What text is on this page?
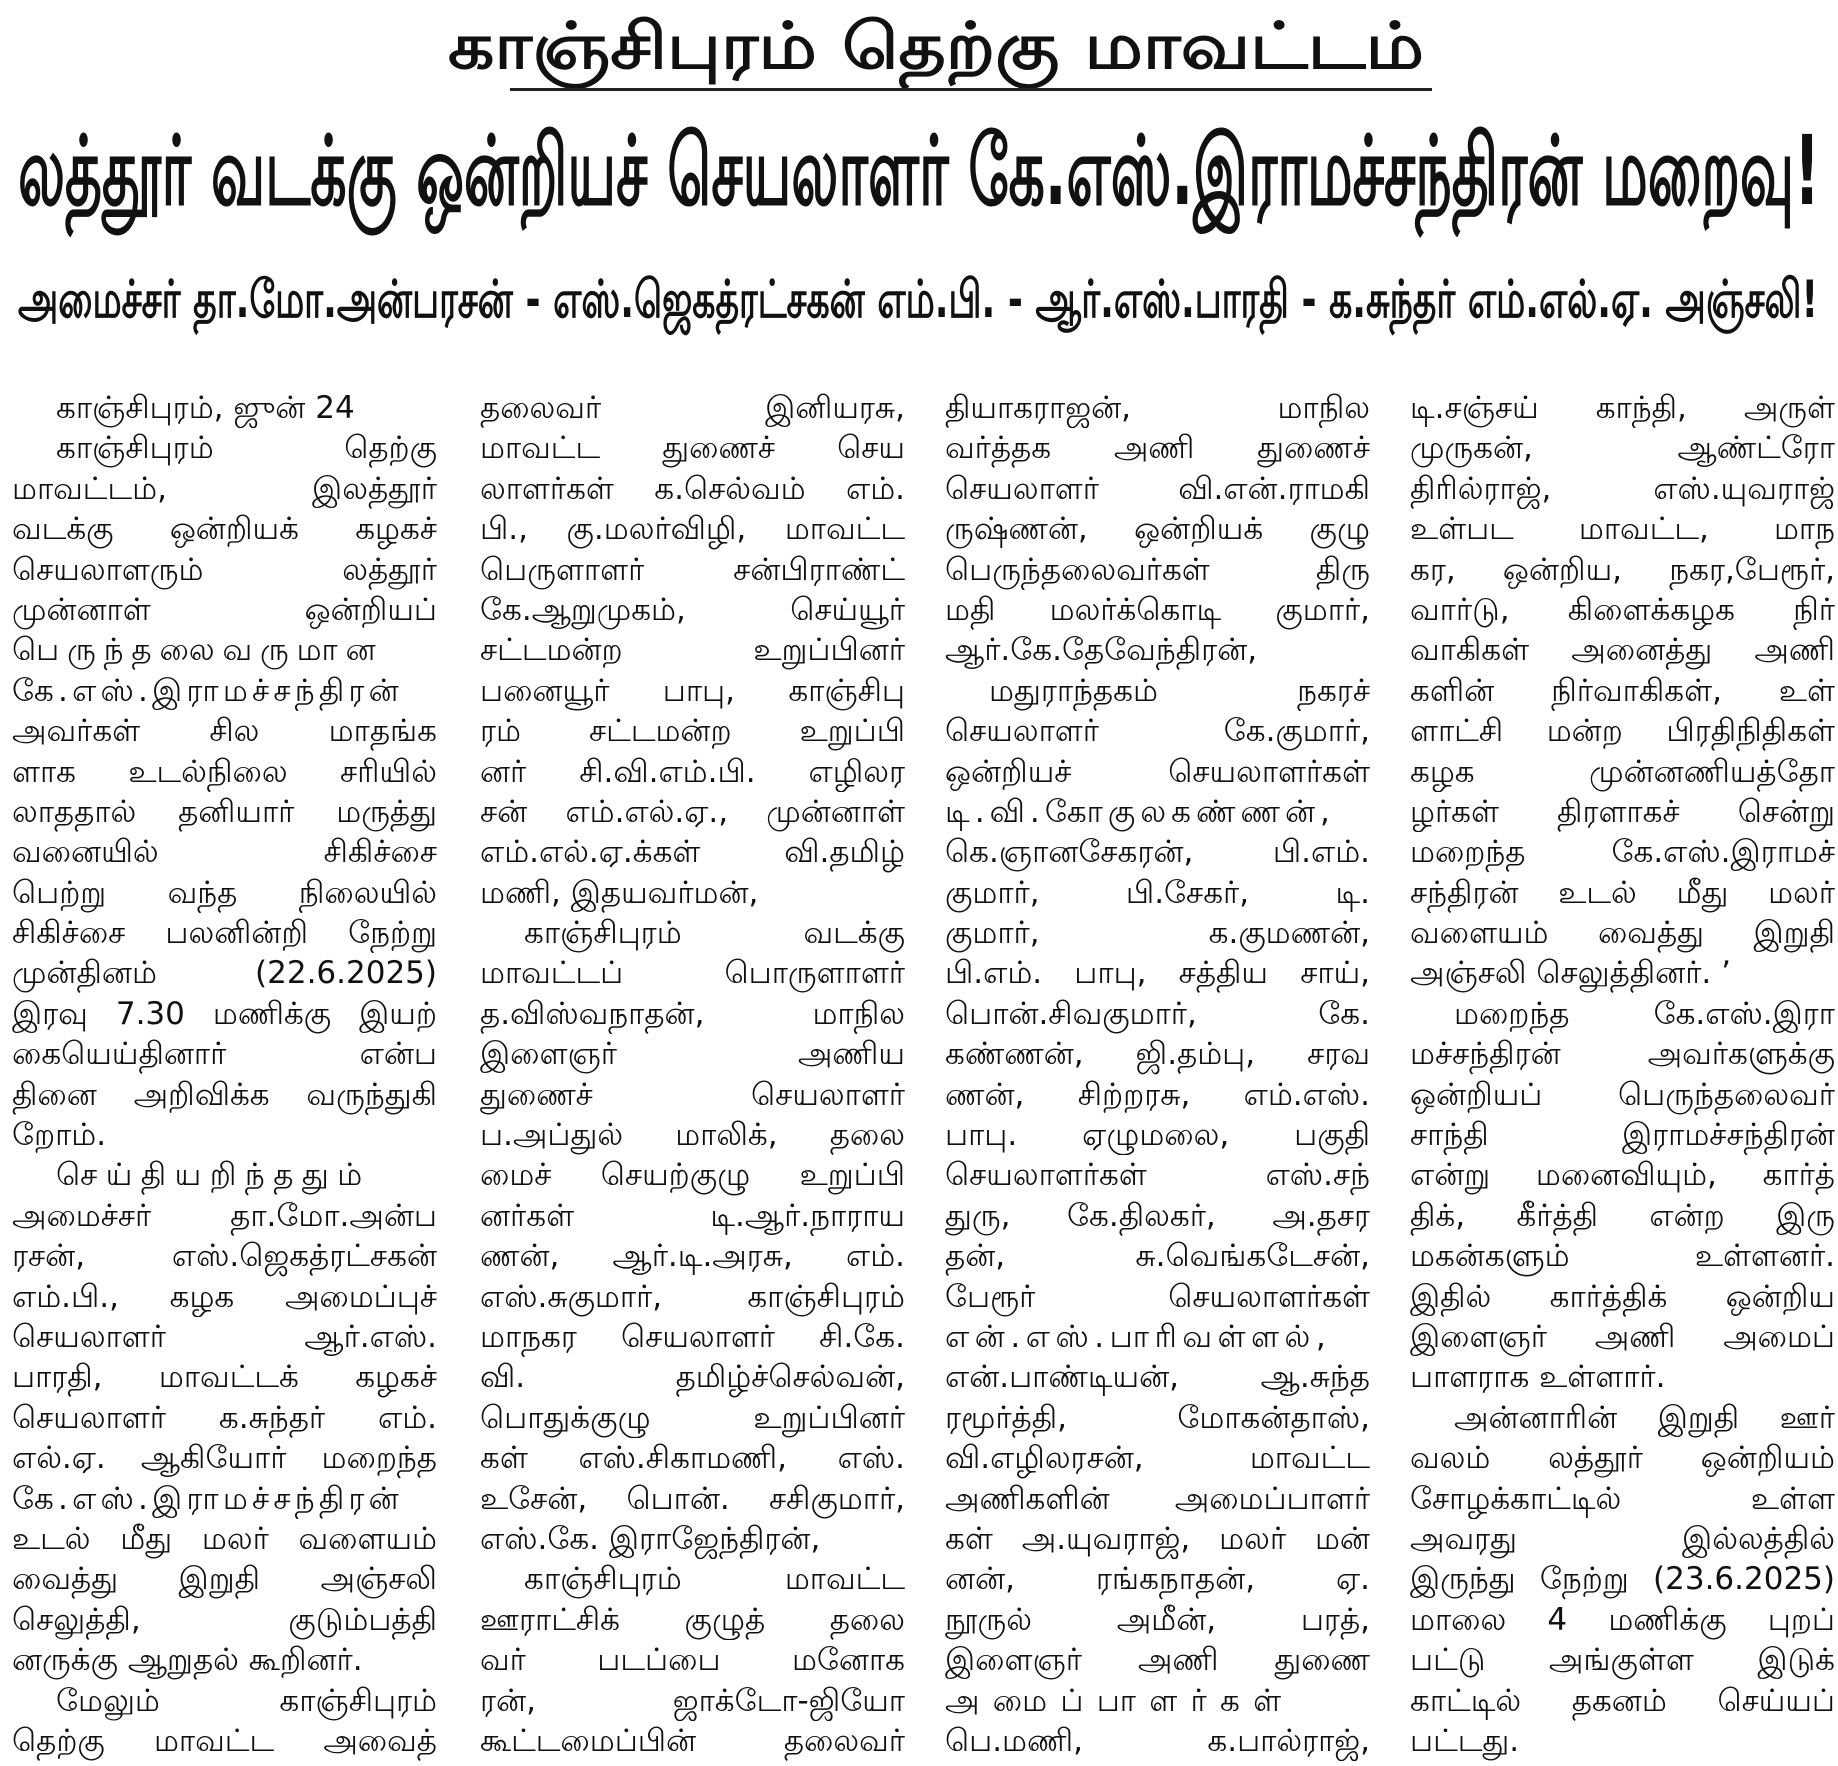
காஞ்சிபுரம் தெற்கு மாவட்டம்
லத்தூர் வடக்கு ஒன்றியச் செயலாளர் கே.எஸ்.இராமச்சந்திரன் மறைவு!
அமைச்சர் தா.மோ.அன்பரசன் - எஸ்.ஜெகத்ரட்சகன் எம்.பி. - ஆர்.எஸ்.பாரதி - க.சுந்தர் எம்.எல்.ஏ. அஞ்சலி!
காஞ்சிபுரம், ஜுன் 24
காஞ்சிபுரம் தெற்கு
மாவட்டம், இலத்தூர்
வடக்கு ஒன்றியக் கழகச்
செயலாளரும் லத்தூர்
முன்னாள் ஒன்றியப்
பெருந்தலைவருமான
கே.எஸ்.இராமச்சந்திரன்
அவர்கள் சில மாதங்க
ளாக உடல்நிலை சரியில்
லாததால் தனியார் மருத்து
வனையில் சிகிச்சை
பெற்று வந்த நிலையில்
சிகிச்சை பலனின்றி நேற்று
முன்தினம் (22.6.2025)
இரவு 7.30 மணிக்கு இயற்
கையெய்தினார் என்ப
தினை அறிவிக்க வருந்துகி
றோம்.
செய்தியறிந்ததும்
அமைச்சர் தா.மோ.அன்ப
ரசன், எஸ்.ஜெகத்ரட்சகன்
எம்.பி., கழக அமைப்புச்
செயலாளர் ஆர்.எஸ்.
பாரதி, மாவட்டக் கழகச்
செயலாளர் க.சுந்தர் எம்.
எல்.ஏ. ஆகியோர் மறைந்த
கே.எஸ்.இராமச்சந்திரன்
உடல் மீது மலர் வளையம்
வைத்து இறுதி அஞ்சலி
செலுத்தி, குடும்பத்தி
னருக்கு ஆறுதல் கூறினர்.
மேலும் காஞ்சிபுரம்
தெற்கு மாவட்ட அவைத்
தலைவர் இனியரசு,
மாவட்ட துணைச் செய
லாளர்கள் க.செல்வம் எம்.
பி., கு.மலர்விழி, மாவட்ட
பெருளாளர் சன்பிராண்ட்
கே.ஆறுமுகம், செய்யூர்
சட்டமன்ற உறுப்பினர்
பனையூர் பாபு, காஞ்சிபு
ரம் சட்டமன்ற உறுப்பி
னர் சி.வி.எம்.பி. எழிலர
சன் எம்.எல்.ஏ., முன்னாள்
எம்.எல்.ஏ.க்கள் வி.தமிழ்
மணி, இதயவர்மன்,
காஞ்சிபுரம் வடக்கு
மாவட்டப் பொருளாளர்
த.விஸ்வநாதன், மாநில
இளைஞர் அணிய
துணைச் செயலாளர்
ப.அப்துல் மாலிக், தலை
மைச் செயற்குழு உறுப்பி
னர்கள் டி.ஆர்.நாராய
ணன், ஆர்.டி.அரசு, எம்.
எஸ்.சுகுமார், காஞ்சிபுரம்
மாநகர செயலாளர் சி.கே.
வி. தமிழ்ச்செல்வன்,
பொதுக்குழு உறுப்பினர்
கள் எஸ்.சிகாமணி, எஸ்.
உசேன், பொன். சசிகுமார்,
எஸ்.கே. இராஜேந்திரன்,
காஞ்சிபுரம் மாவட்ட
ஊராட்சிக் குழுத் தலை
வர் படப்பை மனோக
ரன், ஜாக்டோ-ஜியோ
கூட்டமைப்பின் தலைவர்
தியாகராஜன், மாநில
வர்த்தக அணி துணைச்
செயலாளர் வி.என்.ராமகி
ருஷ்ணன், ஒன்றியக் குழு
பெருந்தலைவர்கள் திரு
மதி மலர்க்கொடி குமார்,
ஆர்.கே.தேவேந்திரன்,
மதுராந்தகம் நகரச்
செயலாளர் கே.குமார்,
ஒன்றியச் செயலாளர்கள்
டி.வி.கோகுலகண்ணன்,
கெ.ஞானசேகரன், பி.எம்.
குமார், பி.சேகர், டி.
குமார், க.குமணன்,
பி.எம். பாபு, சத்திய சாய்,
பொன்.சிவகுமார், கே.
கண்ணன், ஜி.தம்பு, சரவ
ணன், சிற்றரசு, எம்.எஸ்.
பாபு. ஏழுமலை, பகுதி
செயலாளர்கள் எஸ்.சந்
துரு, கே.திலகர், அ.தசர
தன், சு.வெங்கடேசன்,
பேரூர் செயலாளர்கள்
என்.எஸ்.பாரிவள்ளல்,
என்.பாண்டியன், ஆ.சுந்த
ரமூர்த்தி, மோகன்தாஸ்,
வி.எழிலரசன், மாவட்ட
அணிகளின் அமைப்பாளர்
கள் அ.யுவராஜ், மலர் மன்
னன், ரங்கநாதன், ஏ.
நூருல் அமீன், பரத்,
இளைஞர் அணி துணை
அமைப்பாளர்கள்
பெ.மணி, க.பால்ராஜ்,
டி.சஞ்சய் காந்தி, அருள்
முருகன், ஆண்ட்ரோ
திரில்ராஜ், எஸ்.யுவராஜ்
உள்பட மாவட்ட, மாந
கர, ஒன்றிய, நகர,பேரூர்,
வார்டு, கிளைக்கழக நிர்
வாகிகள் அனைத்து அணி
களின் நிர்வாகிகள், உள்
ளாட்சி மன்ற பிரதிநிதிகள்
கழக முன்னணியத்தோ
ழர்கள் திரளாகச் சென்று
மறைந்த கே.எஸ்.இராமச்
சந்திரன் உடல் மீது மலர்
வளையம் வைத்து இறுதி
அஞ்சலி செலுத்தினர். ’
மறைந்த கே.எஸ்.இரா
மச்சந்திரன் அவர்களுக்கு
ஒன்றியப் பெருந்தலைவர்
சாந்தி இராமச்சந்திரன்
என்று மனைவியும், கார்த்
திக், கீர்த்தி என்ற இரு
மகன்களும் உள்ளனர்.
இதில் கார்த்திக் ஒன்றிய
இளைஞர் அணி அமைப்
பாளராக உள்ளார்.
அன்னாரின் இறுதி ஊர்
வலம் லத்தூர் ஒன்றியம்
சோழக்காட்டில் உள்ள
அவரது இல்லத்தில்
இருந்து நேற்று (23.6.2025)
மாலை 4 மணிக்கு புறப்
பட்டு அங்குள்ள இடுக்
காட்டில் தகனம் செய்யப்
பட்டது.
